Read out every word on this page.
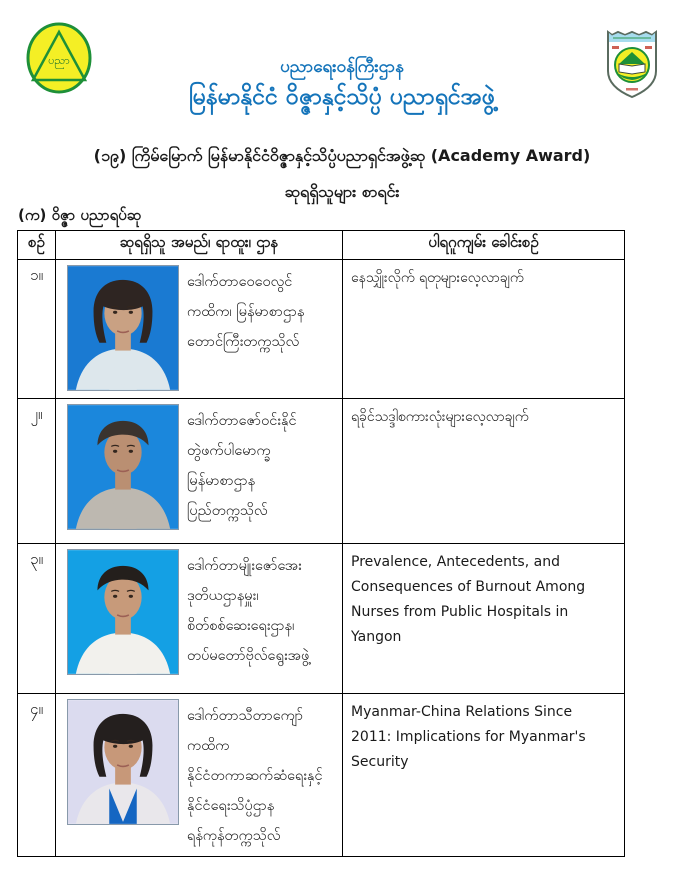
ပညာ	ပညာရေးဝန်ကြီးဌာန
မြန်မာနိုင်ငံ ဝိဇ္ဇာနှင့်သိပ္ပံ ပညာရှင်အဖွဲ့
(၁၉) ကြိမ်မြောက် မြန်မာနိုင်ငံဝိဇ္ဇာနှင့်သိပ္ပံပညာရှင်အဖွဲ့ဆု (Academy Award)
ဆုရရှိသူများ စာရင်း
(က) ဝိဇ္ဇာ ပညာရပ်ဆု
စဉ်	ဆုရရှိသူ အမည်၊ ရာထူး၊ ဌာန	ပါရဂူကျမ်း ခေါင်းစဉ်
၁။	ဒေါက်တာဝေဝေလွင်
ကထိက၊ မြန်မာစာဌာန
တောင်ကြီးတက္ကသိုလ်	နေသျှိုးလိုက် ရတုများလေ့လာချက်
၂။	ဒေါက်တာဇော်ဝင်းနိုင်
တွဲဖက်ပါမောက္ခ
မြန်မာစာဌာန
ပြည်တက္ကသိုလ်	ရခိုင်သဒ္ဒါစကားလုံးများလေ့လာချက်
၃။	ဒေါက်တာမျိုးဇော်အေး
ဒုတိယဌာနမှူး၊
စိတ်စစ်ဆေးရေးဌာန၊
တပ်မတော်ဗိုလ်ရွေးအဖွဲ့	Prevalence, Antecedents, and Consequences of Burnout Among Nurses from Public Hospitals in Yangon
၄။	ဒေါက်တာသီတာကျော်
ကထိက
နိုင်ငံတကာဆက်ဆံရေးနှင့်
နိုင်ငံရေးသိပ္ပံဌာန
ရန်ကုန်တက္ကသိုလ်	Myanmar-China Relations Since 2011: Implications for Myanmar's Security
